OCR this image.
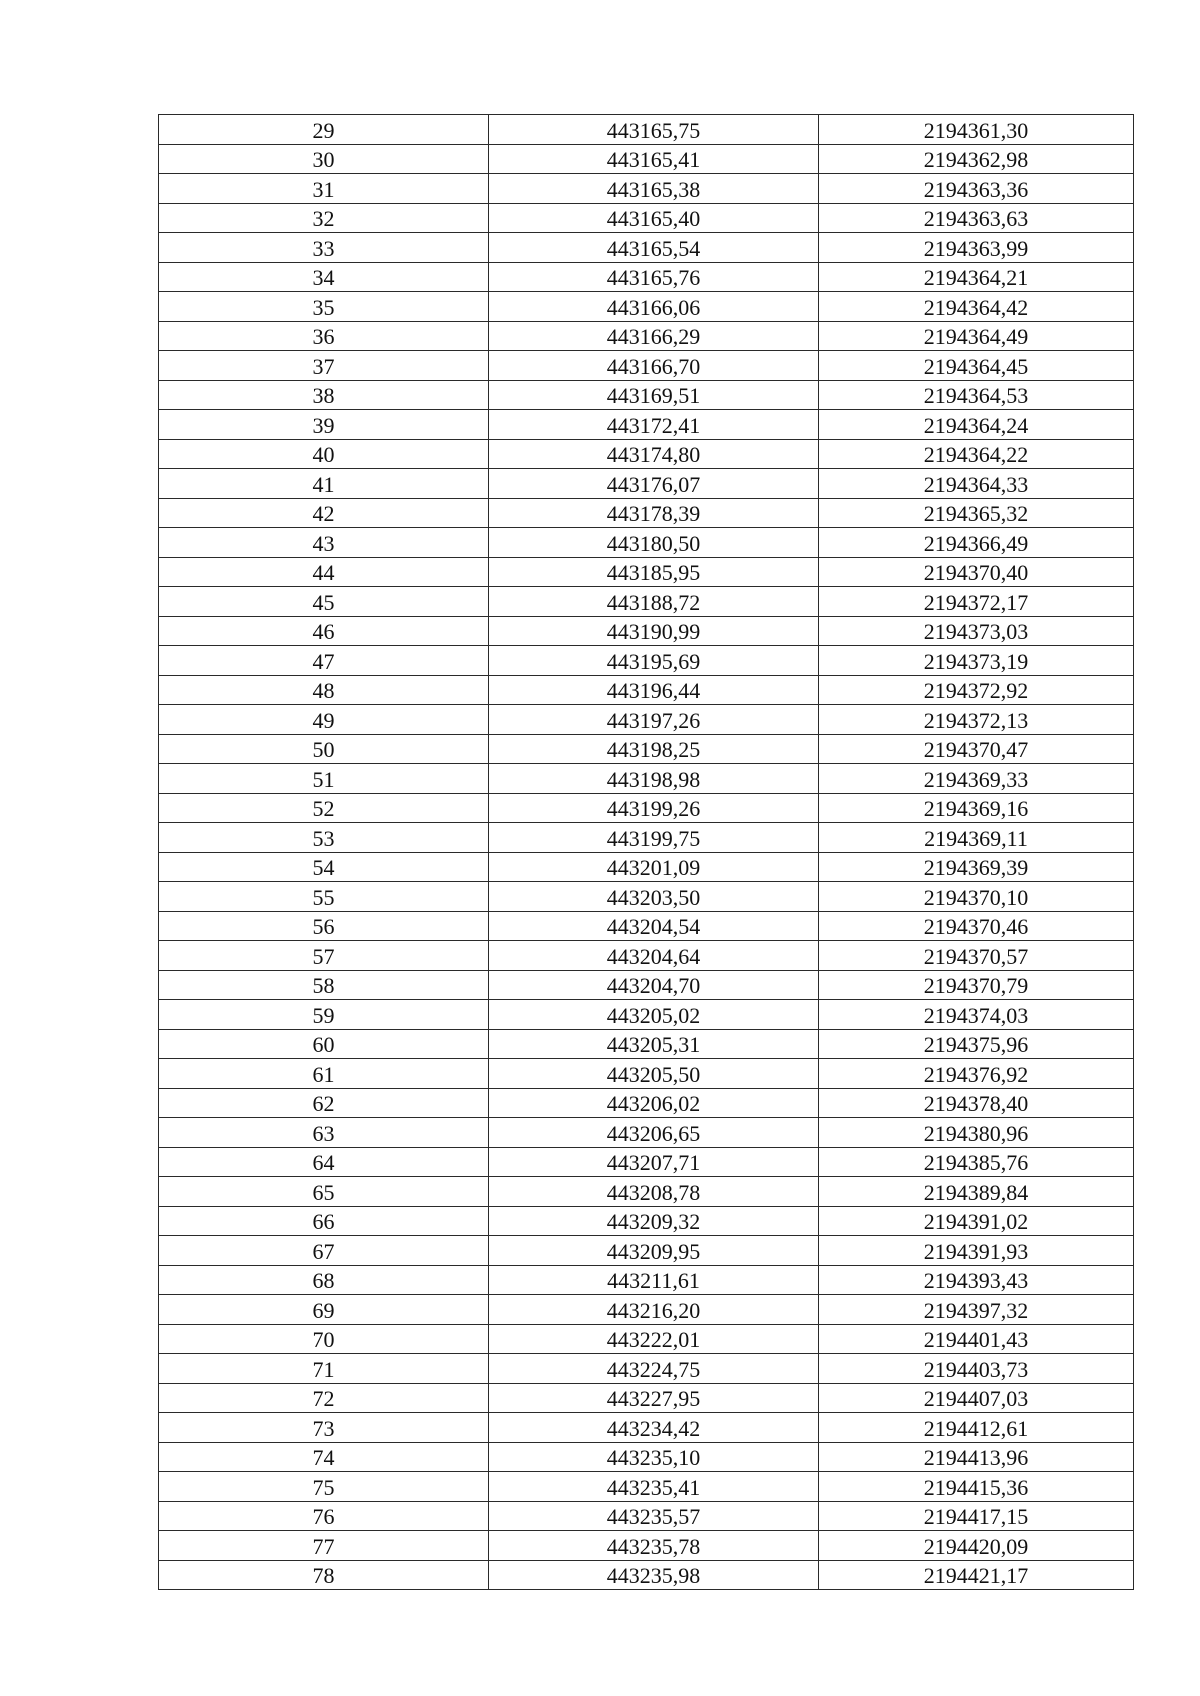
29	443165,75	2194361,30
30	443165,41	2194362,98
31	443165,38	2194363,36
32	443165,40	2194363,63
33	443165,54	2194363,99
34	443165,76	2194364,21
35	443166,06	2194364,42
36	443166,29	2194364,49
37	443166,70	2194364,45
38	443169,51	2194364,53
39	443172,41	2194364,24
40	443174,80	2194364,22
41	443176,07	2194364,33
42	443178,39	2194365,32
43	443180,50	2194366,49
44	443185,95	2194370,40
45	443188,72	2194372,17
46	443190,99	2194373,03
47	443195,69	2194373,19
48	443196,44	2194372,92
49	443197,26	2194372,13
50	443198,25	2194370,47
51	443198,98	2194369,33
52	443199,26	2194369,16
53	443199,75	2194369,11
54	443201,09	2194369,39
55	443203,50	2194370,10
56	443204,54	2194370,46
57	443204,64	2194370,57
58	443204,70	2194370,79
59	443205,02	2194374,03
60	443205,31	2194375,96
61	443205,50	2194376,92
62	443206,02	2194378,40
63	443206,65	2194380,96
64	443207,71	2194385,76
65	443208,78	2194389,84
66	443209,32	2194391,02
67	443209,95	2194391,93
68	443211,61	2194393,43
69	443216,20	2194397,32
70	443222,01	2194401,43
71	443224,75	2194403,73
72	443227,95	2194407,03
73	443234,42	2194412,61
74	443235,10	2194413,96
75	443235,41	2194415,36
76	443235,57	2194417,15
77	443235,78	2194420,09
78	443235,98	2194421,17
